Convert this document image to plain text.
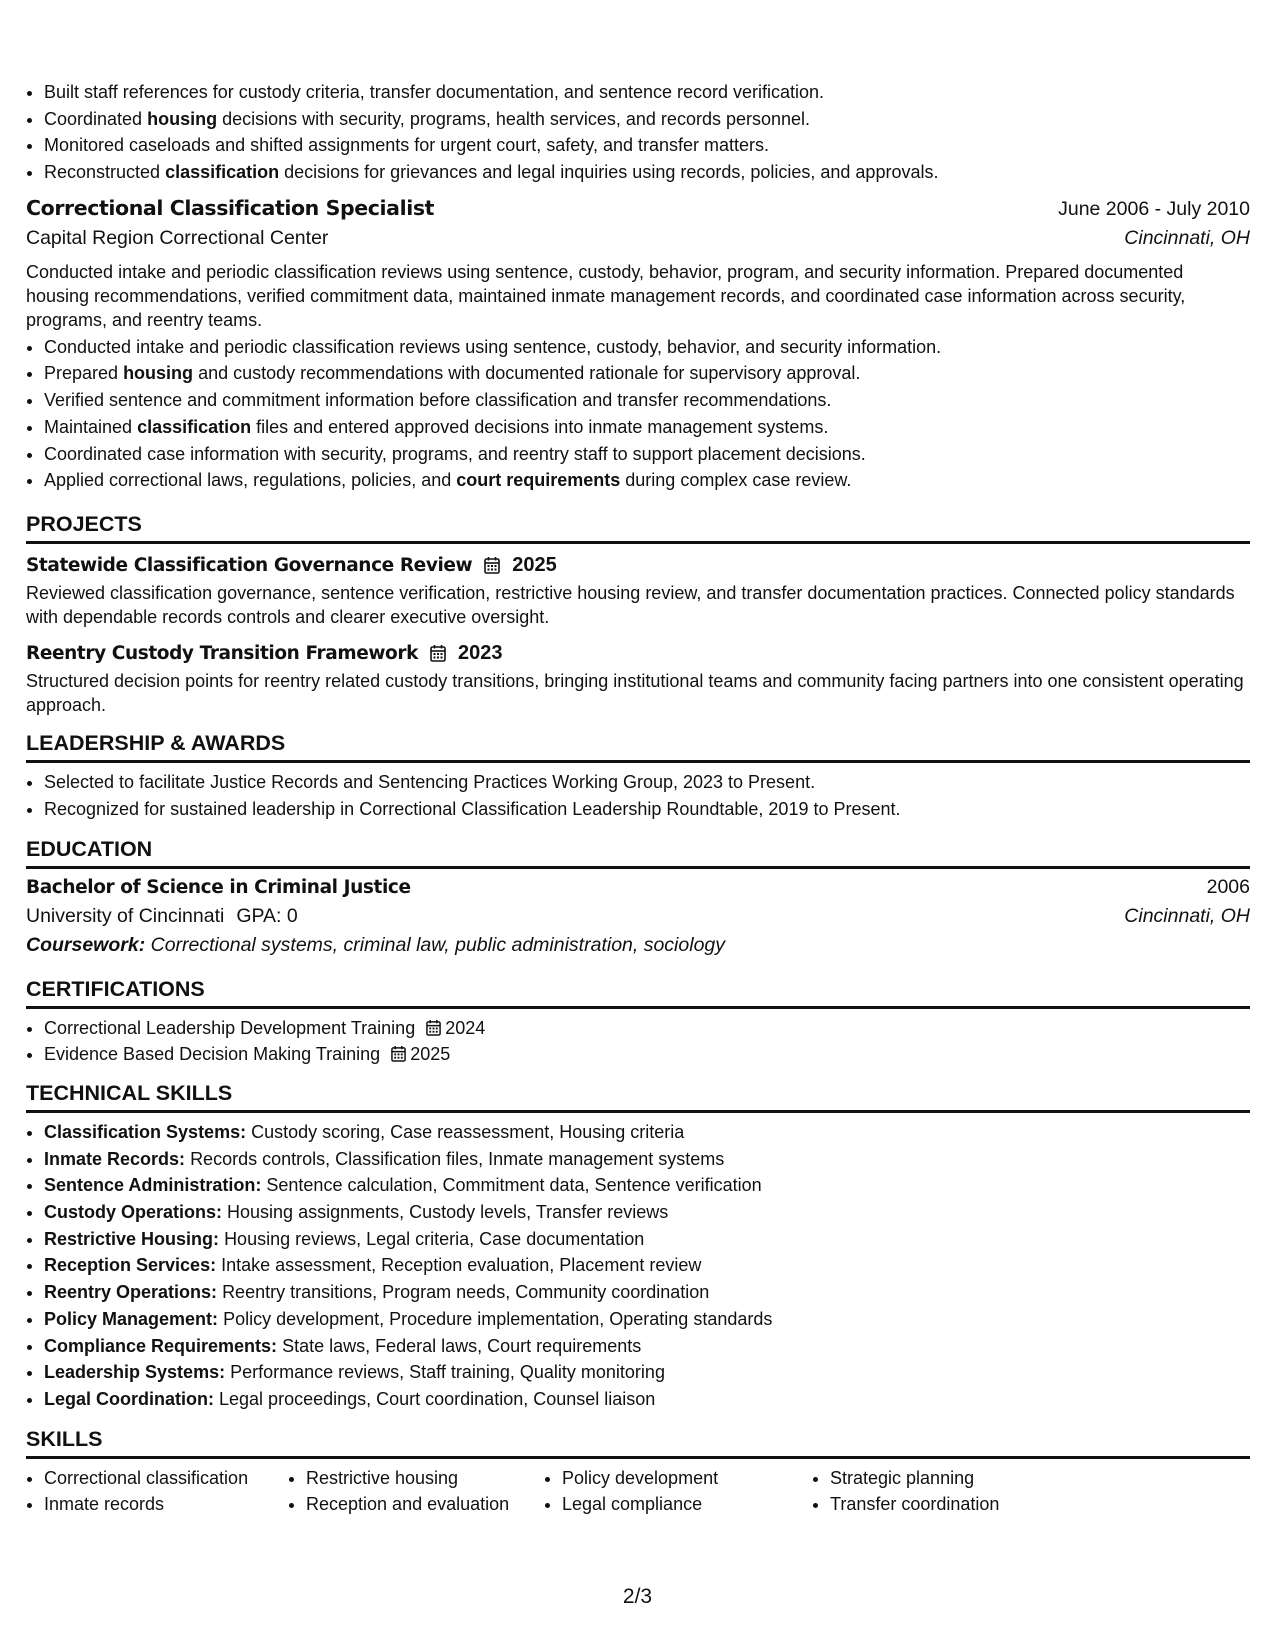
• Built staff references for custody criteria, transfer documentation, and sentence record verification.
• Coordinated housing decisions with security, programs, health services, and records personnel.
• Monitored caseloads and shifted assignments for urgent court, safety, and transfer matters.
• Reconstructed classification decisions for grievances and legal inquiries using records, policies, and approvals.
Correctional Classification Specialist	June 2006 - July 2010
Capital Region Correctional Center	Cincinnati, OH
Conducted intake and periodic classification reviews using sentence, custody, behavior, program, and security information. Prepared documented housing recommendations, verified commitment data, maintained inmate management records, and coordinated case information across security, programs, and reentry teams.
• Conducted intake and periodic classification reviews using sentence, custody, behavior, and security information.
• Prepared housing and custody recommendations with documented rationale for supervisory approval.
• Verified sentence and commitment information before classification and transfer recommendations.
• Maintained classification files and entered approved decisions into inmate management systems.
• Coordinated case information with security, programs, and reentry staff to support placement decisions.
• Applied correctional laws, regulations, policies, and court requirements during complex case review.
PROJECTS
Statewide Classification Governance Review 2025
Reviewed classification governance, sentence verification, restrictive housing review, and transfer documentation practices. Connected policy standards with dependable records controls and clearer executive oversight.
Reentry Custody Transition Framework 2023
Structured decision points for reentry related custody transitions, bringing institutional teams and community facing partners into one consistent operating approach.
LEADERSHIP & AWARDS
• Selected to facilitate Justice Records and Sentencing Practices Working Group, 2023 to Present.
• Recognized for sustained leadership in Correctional Classification Leadership Roundtable, 2019 to Present.
EDUCATION
Bachelor of Science in Criminal Justice	2006
University of Cincinnati GPA: 0	Cincinnati, OH
Coursework: Correctional systems, criminal law, public administration, sociology
CERTIFICATIONS
• Correctional Leadership Development Training 2024
• Evidence Based Decision Making Training 2025
TECHNICAL SKILLS
• Classification Systems: Custody scoring, Case reassessment, Housing criteria
• Inmate Records: Records controls, Classification files, Inmate management systems
• Sentence Administration: Sentence calculation, Commitment data, Sentence verification
• Custody Operations: Housing assignments, Custody levels, Transfer reviews
• Restrictive Housing: Housing reviews, Legal criteria, Case documentation
• Reception Services: Intake assessment, Reception evaluation, Placement review
• Reentry Operations: Reentry transitions, Program needs, Community coordination
• Policy Management: Policy development, Procedure implementation, Operating standards
• Compliance Requirements: State laws, Federal laws, Court requirements
• Leadership Systems: Performance reviews, Staff training, Quality monitoring
• Legal Coordination: Legal proceedings, Court coordination, Counsel liaison
SKILLS
• Correctional classification
• Inmate records
• Restrictive housing
• Reception and evaluation
• Policy development
• Legal compliance
• Strategic planning
• Transfer coordination
2/3
